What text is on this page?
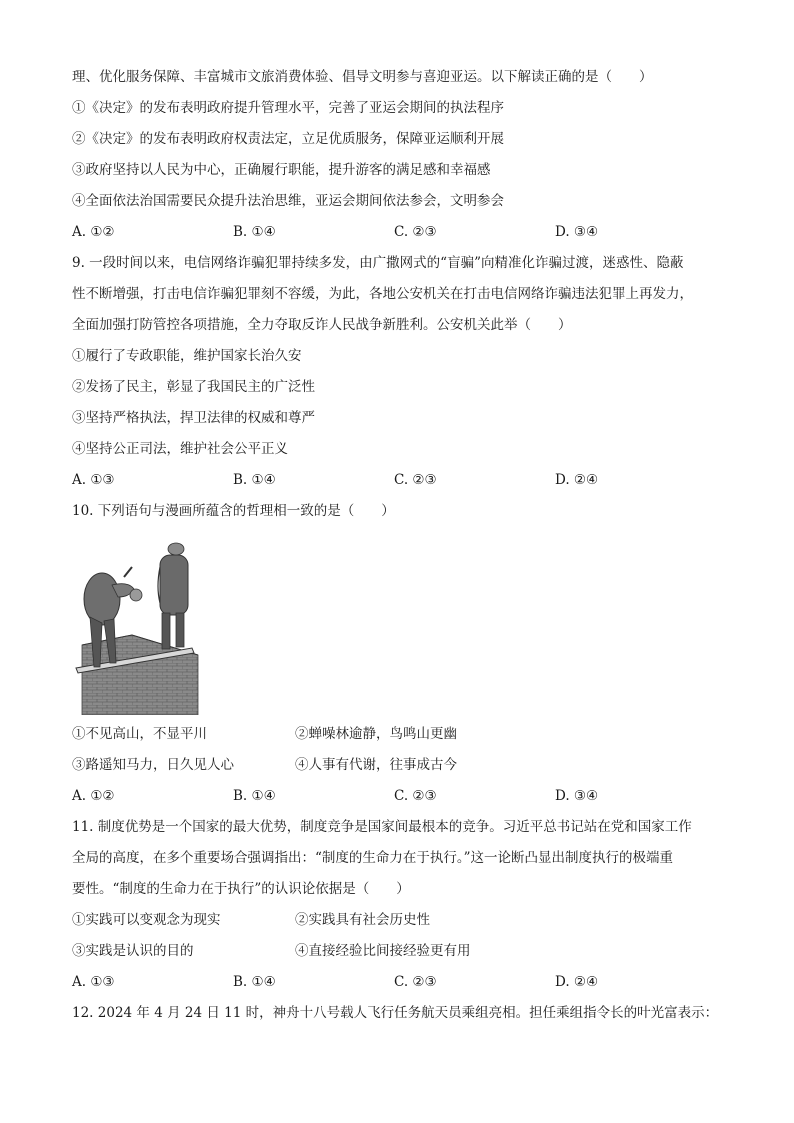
理、优化服务保障、丰富城市文旅消费体验、倡导文明参与喜迎亚运。以下解读正确的是（　　）
①《决定》的发布表明政府提升管理水平，完善了亚运会期间的执法程序
②《决定》的发布表明政府权责法定，立足优质服务，保障亚运顺利开展
③政府坚持以人民为中心，正确履行职能，提升游客的满足感和幸福感
④全面依法治国需要民众提升法治思维，亚运会期间依法参会，文明参会
A. ①②	B. ①④	C. ②③	D. ③④
9. 一段时间以来，电信网络诈骗犯罪持续多发，由广撒网式的“盲骗”向精准化诈骗过渡，迷惑性、隐蔽
性不断增强，打击电信诈骗犯罪刻不容缓，为此，各地公安机关在打击电信网络诈骗违法犯罪上再发力，
全面加强打防管控各项措施，全力夺取反诈人民战争新胜利。公安机关此举（　　）
①履行了专政职能，维护国家长治久安
②发扬了民主，彰显了我国民主的广泛性
③坚持严格执法，捍卫法律的权威和尊严
④坚持公正司法，维护社会公平正义
A. ①③	B. ①④	C. ②③	D. ②④
10. 下列语句与漫画所蕴含的哲理相一致的是（　　）
①不见高山，不显平川	②蝉噪林逾静，鸟鸣山更幽
③路遥知马力，日久见人心	④人事有代谢，往事成古今
A. ①②	B. ①④	C. ②③	D. ③④
11. 制度优势是一个国家的最大优势，制度竞争是国家间最根本的竞争。习近平总书记站在党和国家工作
全局的高度，在多个重要场合强调指出：“制度的生命力在于执行。”这一论断凸显出制度执行的极端重
要性。“制度的生命力在于执行”的认识论依据是（　　）
①实践可以变观念为现实	②实践具有社会历史性
③实践是认识的目的	④直接经验比间接经验更有用
A. ①③	B. ①④	C. ②③	D. ②④
12. 2024 年 4 月 24 日 11 时，神舟十八号载人飞行任务航天员乘组亮相。担任乘组指令长的叶光富表示：
